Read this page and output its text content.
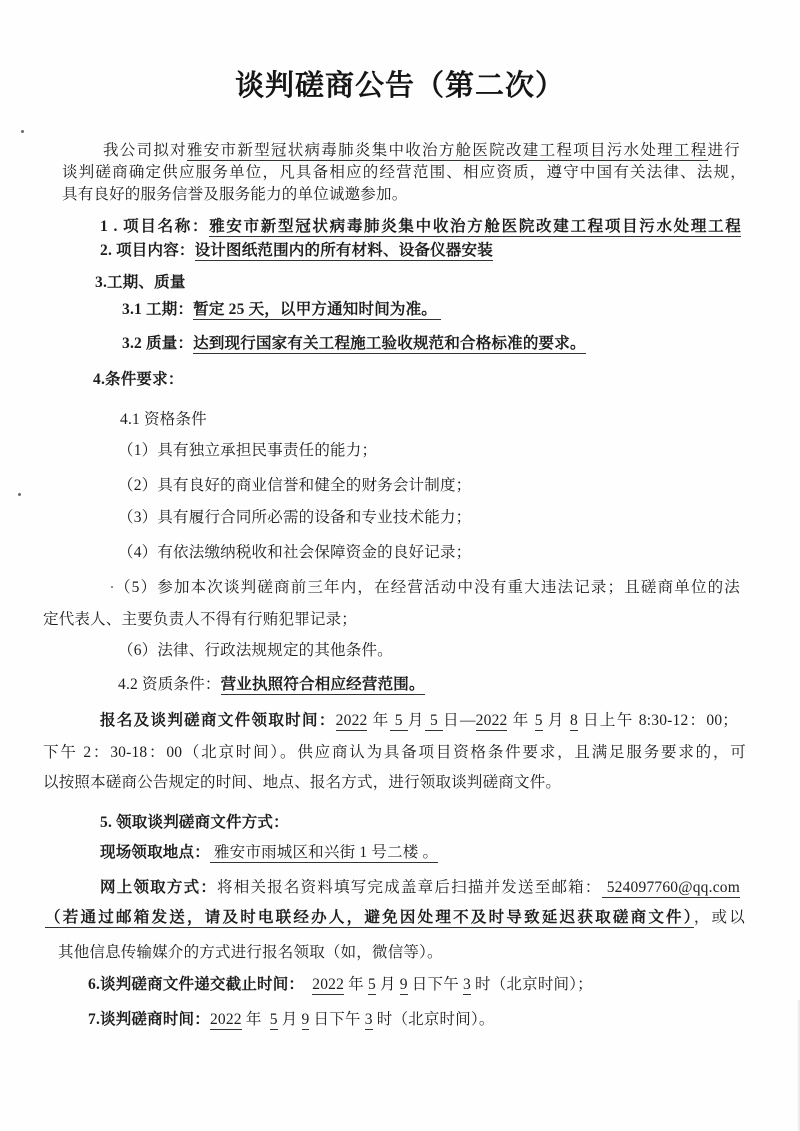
谈判磋商公告（第二次）
我公司拟对雅安市新型冠状病毒肺炎集中收治方舱医院改建工程项目污水处理工程进行
谈判磋商确定供应服务单位，凡具备相应的经营范围、相应资质，遵守中国有关法律、法规，
具有良好的服务信誉及服务能力的单位诚邀参加。
1 . 项目名称：雅安市新型冠状病毒肺炎集中收治方舱医院改建工程项目污水处理工程
2. 项目内容：设计图纸范围内的所有材料、设备仪器安装
3.工期、质量
3.1 工期：暂定 25 天，以甲方通知时间为准。
3.2 质量：达到现行国家有关工程施工验收规范和合格标准的要求。
4.条件要求：
4.1 资格条件
（1）具有独立承担民事责任的能力；
（2）具有良好的商业信誉和健全的财务会计制度；
（3）具有履行合同所必需的设备和专业技术能力；
（4）有依法缴纳税收和社会保障资金的良好记录；
（5）参加本次谈判磋商前三年内，在经营活动中没有重大违法记录；且磋商单位的法
定代表人、主要负责人不得有行贿犯罪记录；
（6）法律、行政法规规定的其他条件。
4.2 资质条件：营业执照符合相应经营范围。
报名及谈判磋商文件领取时间：2022 年 5 月 5 日—2022 年 5 月 8 日上午 8:30-12：00；
下午 2：30-18：00（北京时间）。供应商认为具备项目资格条件要求，且满足服务要求的，可
以按照本磋商公告规定的时间、地点、报名方式，进行领取谈判磋商文件。
5. 领取谈判磋商文件方式：
现场领取地点： 雅安市雨城区和兴街 1 号二楼 。
网上领取方式：将相关报名资料填写完成盖章后扫描并发送至邮箱： 524097760@qq.com
（若通过邮箱发送，请及时电联经办人，避免因处理不及时导致延迟获取磋商文件），或以
其他信息传输媒介的方式进行报名领取（如，微信等）。
6.谈判磋商文件递交截止时间：  2022 年 5 月 9 日下午 3 时（北京时间）；
7.谈判磋商时间：2022 年  5 月 9 日下午 3 时（北京时间）。
